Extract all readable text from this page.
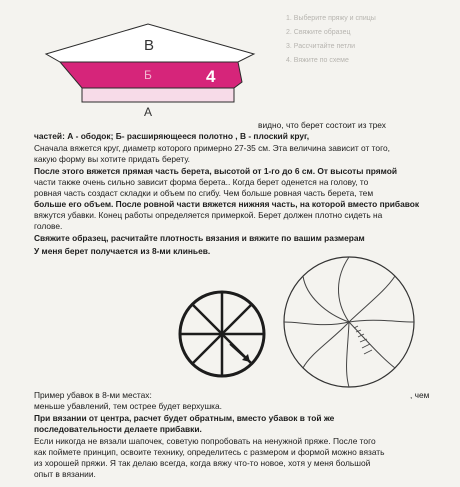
В
Б
А
4
1. Выберите пряжу и спицы
2. Свяжите образец
3. Рассчитайте петли
4. Вяжите по схеме

видно, что берет состоит из трех

частей: А - ободок; Б- расширяющееся полотно , В - плоский круг,

Сначала вяжется круг, диаметр которого примерно 27-35 см. Эта величина зависит от того,

какую форму вы хотите придать берету.

После этого вяжется прямая часть берета, высотой от 1-го до 6 см. От высоты прямой

части также очень сильно зависит форма берета.. Когда берет оденется на голову, то

ровная часть создаст складки и объем по сгибу. Чем больше ровная часть берета, тем

больше его объем. После ровной части вяжется нижняя часть, на которой вместо прибавок

вяжутся убавки. Конец работы определяется примеркой. Берет должен плотно сидеть на

голове.

Свяжите образец, расчитайте плотность вязания и вяжите по вашим размерам

У меня берет получается из 8-ми клиньев.

Пример убавок в 8-ми местах:	, чем

меньше убавлений, тем острее будет верхушка.

При вязании от центра, расчет будет обратным, вместо убавок в той же

последовательности делаете прибавки.

Если никогда не вязали шапочек, советую попробовать на ненужной пряже. После того

как поймете принцип, освоите технику, определитесь с размером и формой можно вязать

из хорошей пряжи. Я так делаю всегда, когда вяжу что-то новое, хотя у меня большой

опыт в вязании.
